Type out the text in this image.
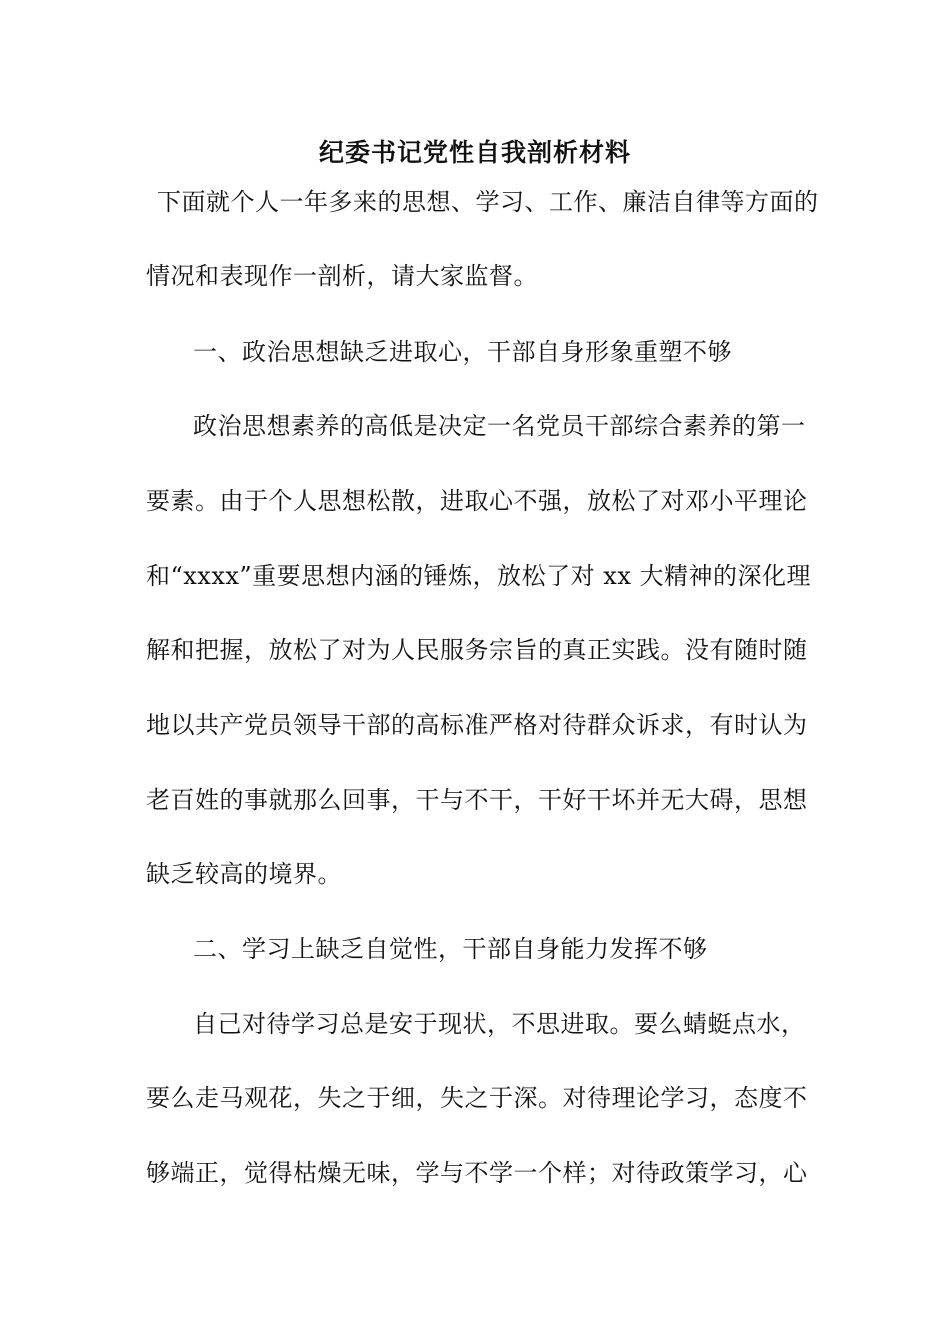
纪委书记党性自我剖析材料
下面就个人一年多来的思想、学习、工作、廉洁自律等方面的
情况和表现作一剖析，请大家监督。
一、政治思想缺乏进取心，干部自身形象重塑不够
政治思想素养的高低是决定一名党员干部综合素养的第一
要素。由于个人思想松散，进取心不强，放松了对邓小平理论
和“xxxx”重要思想内涵的锤炼，放松了对 xx 大精神的深化理
解和把握，放松了对为人民服务宗旨的真正实践。没有随时随
地以共产党员领导干部的高标准严格对待群众诉求，有时认为
老百姓的事就那么回事，干与不干，干好干坏并无大碍，思想
缺乏较高的境界。
二、学习上缺乏自觉性，干部自身能力发挥不够
自己对待学习总是安于现状，不思进取。要么蜻蜓点水，
要么走马观花，失之于细，失之于深。对待理论学习，态度不
够端正，觉得枯燥无味，学与不学一个样；对待政策学习，心
